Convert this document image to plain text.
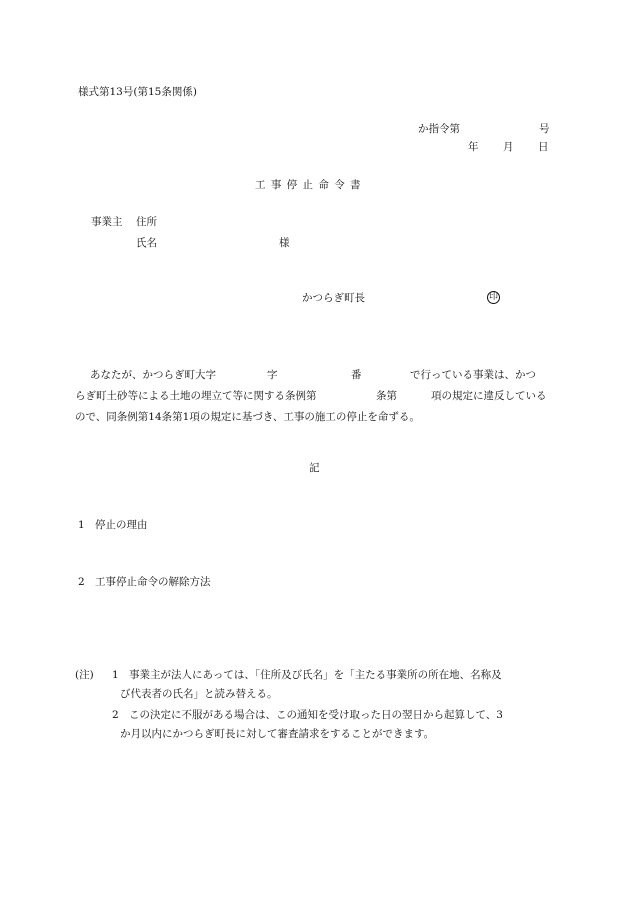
様式第13号(第15条関係)
か指令第	号
年 月 日
工 事 停 止 命 令 書
事業主 住所
氏名	様
かつらぎ町長	印
あなたが、かつらぎ町大字	字	番	で行っている事業は、かつ
らぎ町土砂等による土地の埋立て等に関する条例第	条第	項の規定に違反している
ので、同条例第14条第1項の規定に基づき、工事の施工の停止を命ずる。
記
1 停止の理由
2 工事停止命令の解除方法
(注) 1 事業主が法人にあっては、「住所及び氏名」を「主たる事業所の所在地、名称及
び代表者の氏名」と読み替える。
2 この決定に不服がある場合は、この通知を受け取った日の翌日から起算して、3
か月以内にかつらぎ町長に対して審査請求をすることができます。
